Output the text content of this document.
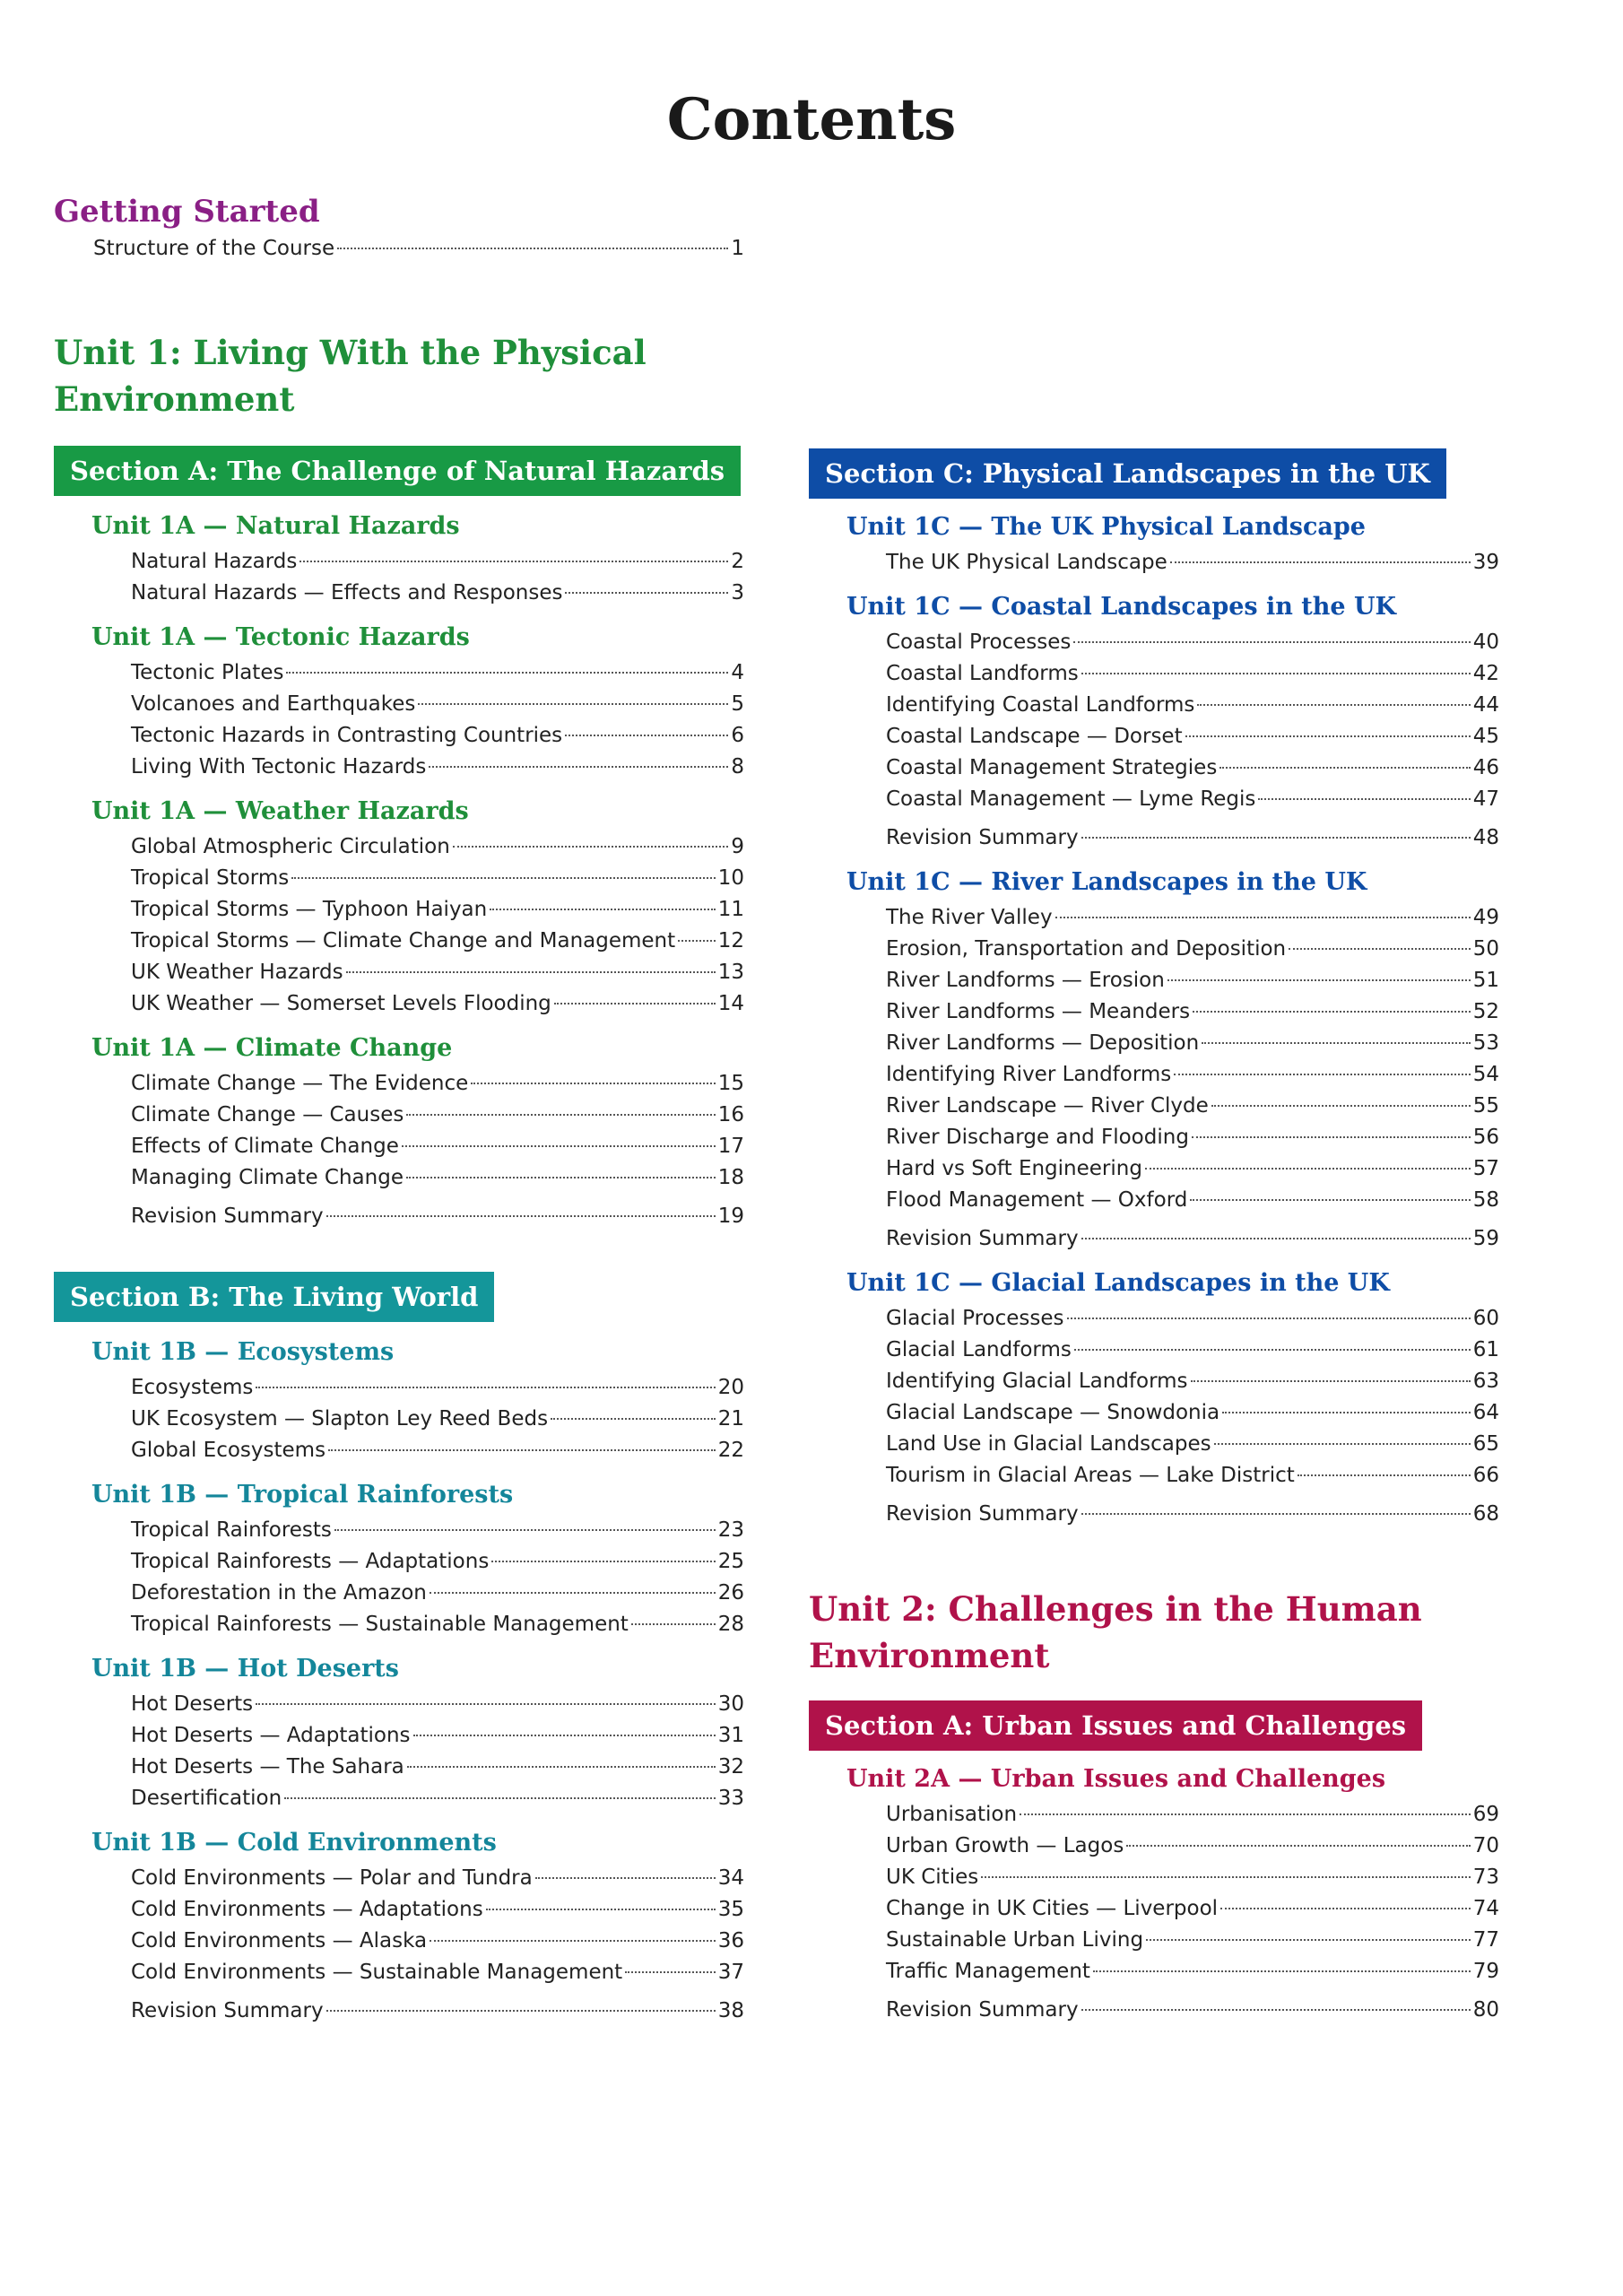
Contents
Getting Started
Structure of the Course	1
Unit 1: Living With the Physical
Environment
Section A: The Challenge of Natural Hazards
Unit 1A — Natural Hazards
Natural Hazards	2
Natural Hazards — Effects and Responses	3
Unit 1A — Tectonic Hazards
Tectonic Plates	4
Volcanoes and Earthquakes	5
Tectonic Hazards in Contrasting Countries	6
Living With Tectonic Hazards	8
Unit 1A — Weather Hazards
Global Atmospheric Circulation	9
Tropical Storms	10
Tropical Storms — Typhoon Haiyan	11
Tropical Storms — Climate Change and Management 12
UK Weather Hazards	13
UK Weather — Somerset Levels Flooding	14
Unit 1A — Climate Change
Climate Change — The Evidence	15
Climate Change — Causes	16
Effects of Climate Change	17
Managing Climate Change	18
Revision Summary	19
Section B: The Living World
Unit 1B — Ecosystems
Ecosystems	20
UK Ecosystem — Slapton Ley Reed Beds	21
Global Ecosystems	22
Unit 1B — Tropical Rainforests
Tropical Rainforests	23
Tropical Rainforests — Adaptations	25
Deforestation in the Amazon	26
Tropical Rainforests — Sustainable Management	28
Unit 1B — Hot Deserts
Hot Deserts	30
Hot Deserts — Adaptations	31
Hot Deserts — The Sahara	32
Desertification	33
Unit 1B — Cold Environments
Cold Environments — Polar and Tundra	34
Cold Environments — Adaptations	35
Cold Environments — Alaska	36
Cold Environments — Sustainable Management	37
Revision Summary	38
Section C: Physical Landscapes in the UK
Unit 1C — The UK Physical Landscape
The UK Physical Landscape	39
Unit 1C — Coastal Landscapes in the UK
Coastal Processes	40
Coastal Landforms	42
Identifying Coastal Landforms	44
Coastal Landscape — Dorset	45
Coastal Management Strategies	46
Coastal Management — Lyme Regis	47
Revision Summary	48
Unit 1C — River Landscapes in the UK
The River Valley	49
Erosion, Transportation and Deposition	50
River Landforms — Erosion	51
River Landforms — Meanders	52
River Landforms — Deposition	53
Identifying River Landforms	54
River Landscape — River Clyde	55
River Discharge and Flooding	56
Hard vs Soft Engineering	57
Flood Management — Oxford	58
Revision Summary	59
Unit 1C — Glacial Landscapes in the UK
Glacial Processes	60
Glacial Landforms	61
Identifying Glacial Landforms	63
Glacial Landscape — Snowdonia	64
Land Use in Glacial Landscapes	65
Tourism in Glacial Areas — Lake District	66
Revision Summary	68
Unit 2: Challenges in the Human
Environment
Section A: Urban Issues and Challenges
Unit 2A — Urban Issues and Challenges
Urbanisation	69
Urban Growth — Lagos	70
UK Cities	73
Change in UK Cities — Liverpool	74
Sustainable Urban Living	77
Traffic Management	79
Revision Summary	80
